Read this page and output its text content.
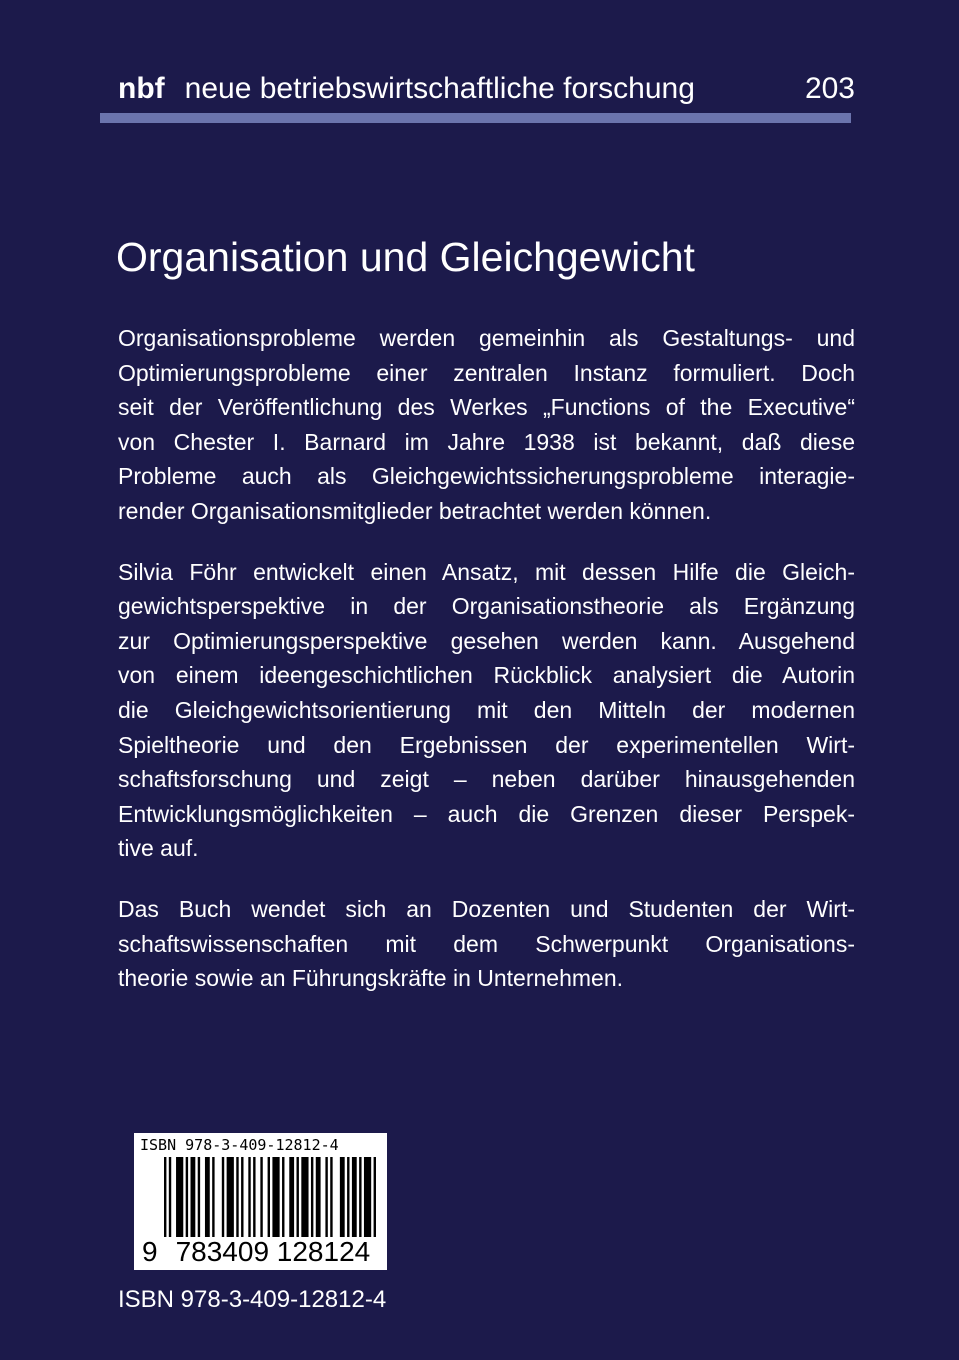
nbf neue betriebswirtschaftliche forschung	203
Organisation und Gleichgewicht
Organisationsprobleme werden gemeinhin als Gestaltungs- und
Optimierungsprobleme einer zentralen Instanz formuliert. Doch
seit der Veröffentlichung des Werkes „Functions of the Executive“
von Chester I. Barnard im Jahre 1938 ist bekannt, daß diese
Probleme auch als Gleichgewichtssicherungsprobleme interagie-
render Organisationsmitglieder betrachtet werden können.
Silvia Föhr entwickelt einen Ansatz, mit dessen Hilfe die Gleich-
gewichtsperspektive in der Organisationstheorie als Ergänzung
zur Optimierungsperspektive gesehen werden kann. Ausgehend
von einem ideengeschichtlichen Rückblick analysiert die Autorin
die Gleichgewichtsorientierung mit den Mitteln der modernen
Spieltheorie und den Ergebnissen der experimentellen Wirt-
schaftsforschung und zeigt – neben darüber hinausgehenden
Entwicklungsmöglichkeiten – auch die Grenzen dieser Perspek-
tive auf.
Das Buch wendet sich an Dozenten und Studenten der Wirt-
schaftswissenschaften mit dem Schwerpunkt Organisations-
theorie sowie an Führungskräfte in Unternehmen.
ISBN 978-3-409-12812-4
9 783409 128124
ISBN 978-3-409-12812-4
